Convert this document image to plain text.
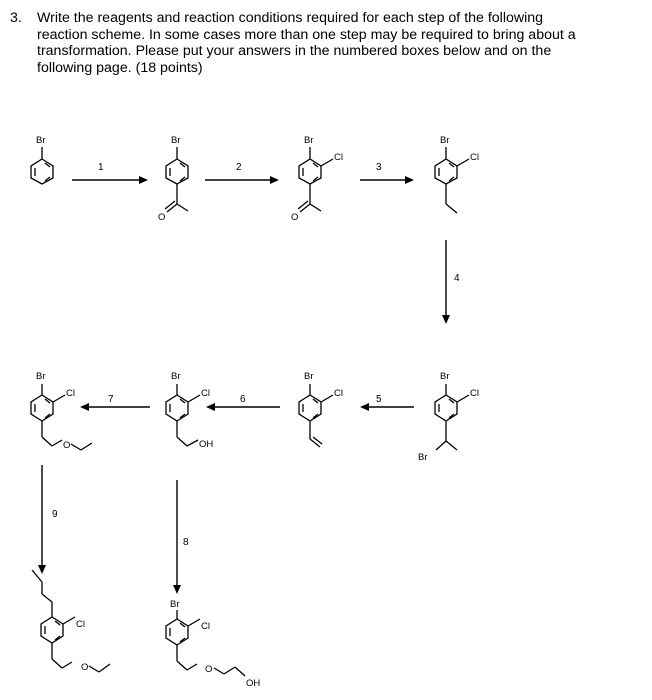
3. Write the reagents and reaction conditions required for each step of the following reaction scheme. In some cases more than one step may be required to bring about a transformation. Please put your answers in the numbered boxes below and on the following page. (18 points)
Br
1
Br
O
2
Br
Cl
O
3
Br
Cl
4
Br
Cl
Br
5
Br
Cl
6
Br
Cl
OH
7
Br
Cl
O
9
8
Cl
O
Br
Cl
O
OH
